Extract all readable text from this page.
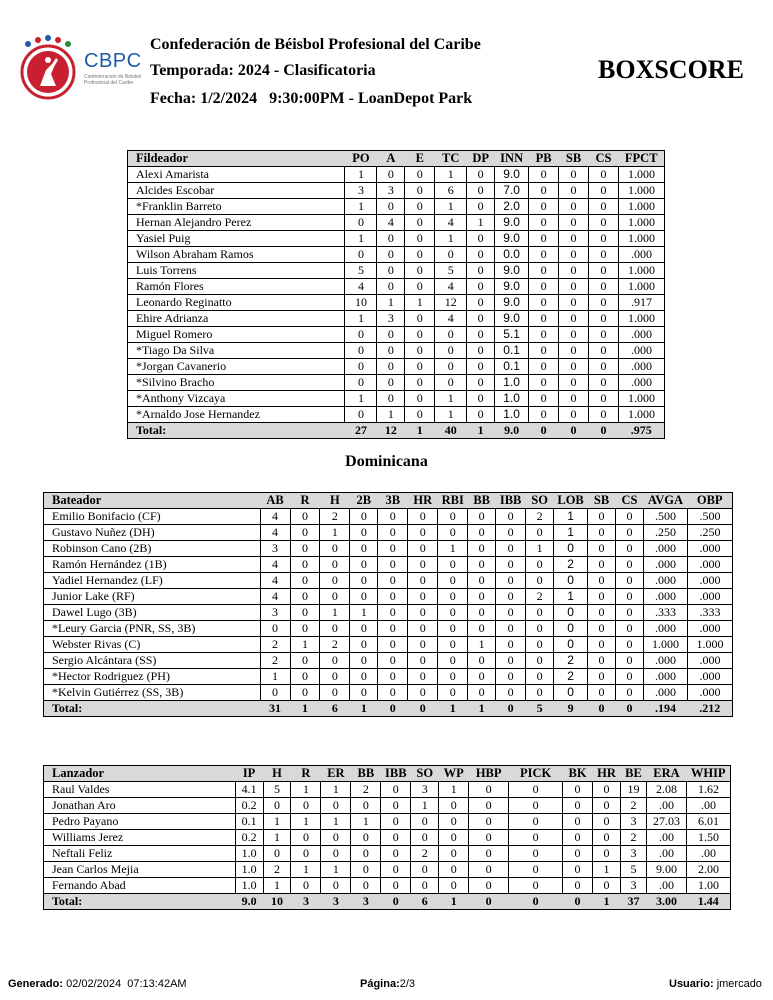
CBPC
Confederación de Béisbol Profesional del Caribe
Confederación de Béisbol Profesional del Caribe
Temporada: 2024 - Clasificatoria
Fecha: 1/2/2024   9:30:00PM - LoanDepot Park
BOXSCORE
Fildeador	PO	A	E	TC	DP	INN	PB	SB	CS	FPCT
Alexi Amarista	1	0	0	1	0	9.0	0	0	0	1.000
Alcides Escobar	3	3	0	6	0	7.0	0	0	0	1.000
*Franklin Barreto	1	0	0	1	0	2.0	0	0	0	1.000
Hernan Alejandro Perez	0	4	0	4	1	9.0	0	0	0	1.000
Yasiel Puig	1	0	0	1	0	9.0	0	0	0	1.000
Wilson Abraham Ramos	0	0	0	0	0	0.0	0	0	0	.000
Luis Torrens	5	0	0	5	0	9.0	0	0	0	1.000
Ramón Flores	4	0	0	4	0	9.0	0	0	0	1.000
Leonardo Reginatto	10	1	1	12	0	9.0	0	0	0	.917
Ehire Adrianza	1	3	0	4	0	9.0	0	0	0	1.000
Miguel Romero	0	0	0	0	0	5.1	0	0	0	.000
*Tiago Da Silva	0	0	0	0	0	0.1	0	0	0	.000
*Jorgan Cavanerio	0	0	0	0	0	0.1	0	0	0	.000
*Silvino Bracho	0	0	0	0	0	1.0	0	0	0	.000
*Anthony Vizcaya	1	0	0	1	0	1.0	0	0	0	1.000
*Arnaldo Jose Hernandez	0	1	0	1	0	1.0	0	0	0	1.000
Total:	27	12	1	40	1	9.0	0	0	0	.975
Dominicana
Bateador	AB	R	H	2B	3B	HR	RBI	BB	IBB	SO	LOB	SB	CS	AVGA	OBP
Emilio Bonifacio (CF)	4	0	2	0	0	0	0	0	0	2	1	0	0	.500	.500
Gustavo Nuñez (DH)	4	0	1	0	0	0	0	0	0	0	1	0	0	.250	.250
Robinson Cano (2B)	3	0	0	0	0	0	1	0	0	1	0	0	0	.000	.000
Ramón Hernández (1B)	4	0	0	0	0	0	0	0	0	0	2	0	0	.000	.000
Yadiel Hernandez (LF)	4	0	0	0	0	0	0	0	0	0	0	0	0	.000	.000
Junior Lake (RF)	4	0	0	0	0	0	0	0	0	2	1	0	0	.000	.000
Dawel Lugo (3B)	3	0	1	1	0	0	0	0	0	0	0	0	0	.333	.333
*Leury Garcia (PNR, SS, 3B)	0	0	0	0	0	0	0	0	0	0	0	0	0	.000	.000
Webster Rivas (C)	2	1	2	0	0	0	0	1	0	0	0	0	0	1.000	1.000
Sergio Alcántara (SS)	2	0	0	0	0	0	0	0	0	0	2	0	0	.000	.000
*Hector Rodriguez (PH)	1	0	0	0	0	0	0	0	0	0	2	0	0	.000	.000
*Kelvin Gutiérrez (SS, 3B)	0	0	0	0	0	0	0	0	0	0	0	0	0	.000	.000
Total:	31	1	6	1	0	0	1	1	0	5	9	0	0	.194	.212
Lanzador	IP	H	R	ER	BB	IBB	SO	WP	HBP	PICK	BK	HR	BE	ERA	WHIP
Raul Valdes	4.1	5	1	1	2	0	3	1	0	0	0	0	19	2.08	1.62
Jonathan Aro	0.2	0	0	0	0	0	1	0	0	0	0	0	2	.00	.00
Pedro Payano	0.1	1	1	1	1	0	0	0	0	0	0	0	3	27.03	6.01
Williams Jerez	0.2	1	0	0	0	0	0	0	0	0	0	0	2	.00	1.50
Neftali Feliz	1.0	0	0	0	0	0	2	0	0	0	0	0	3	.00	.00
Jean Carlos Mejia	1.0	2	1	1	0	0	0	0	0	0	0	1	5	9.00	2.00
Fernando Abad	1.0	1	0	0	0	0	0	0	0	0	0	0	3	.00	1.00
Total:	9.0	10	3	3	3	0	6	1	0	0	0	1	37	3.00	1.44
Generado: 02/02/2024  07:13:42AM	Página:2/3	Usuario: jmercado
